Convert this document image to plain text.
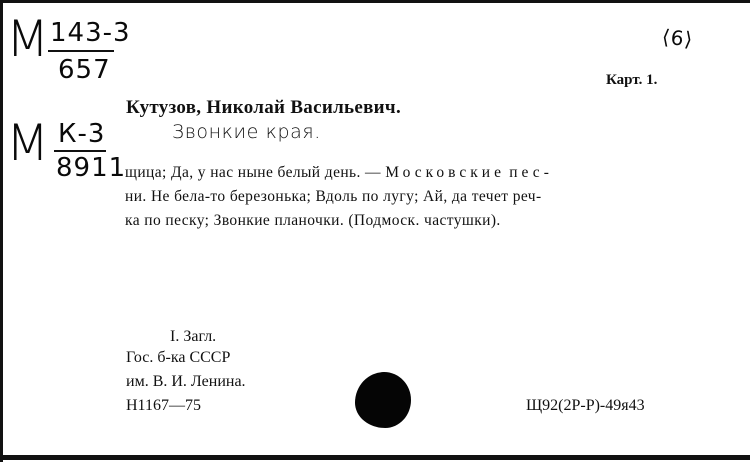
М 143-3
657
М К-3
8911
⟨6⟩
Карт. 1.
Кутузов, Николай Васильевич.
Звонкие края.
щица; Да, у нас ныне белый день. — Московские пес-
ни. Не бела-то березонька; Вдоль по лугу; Ай, да течет реч-
ка по песку; Звонкие планочки. (Подмоск. частушки).
I. Загл.
Гос. б-ка СССР
им. В. И. Ленина.
Н1167—75	Щ92(2Р-Р)-49я43
